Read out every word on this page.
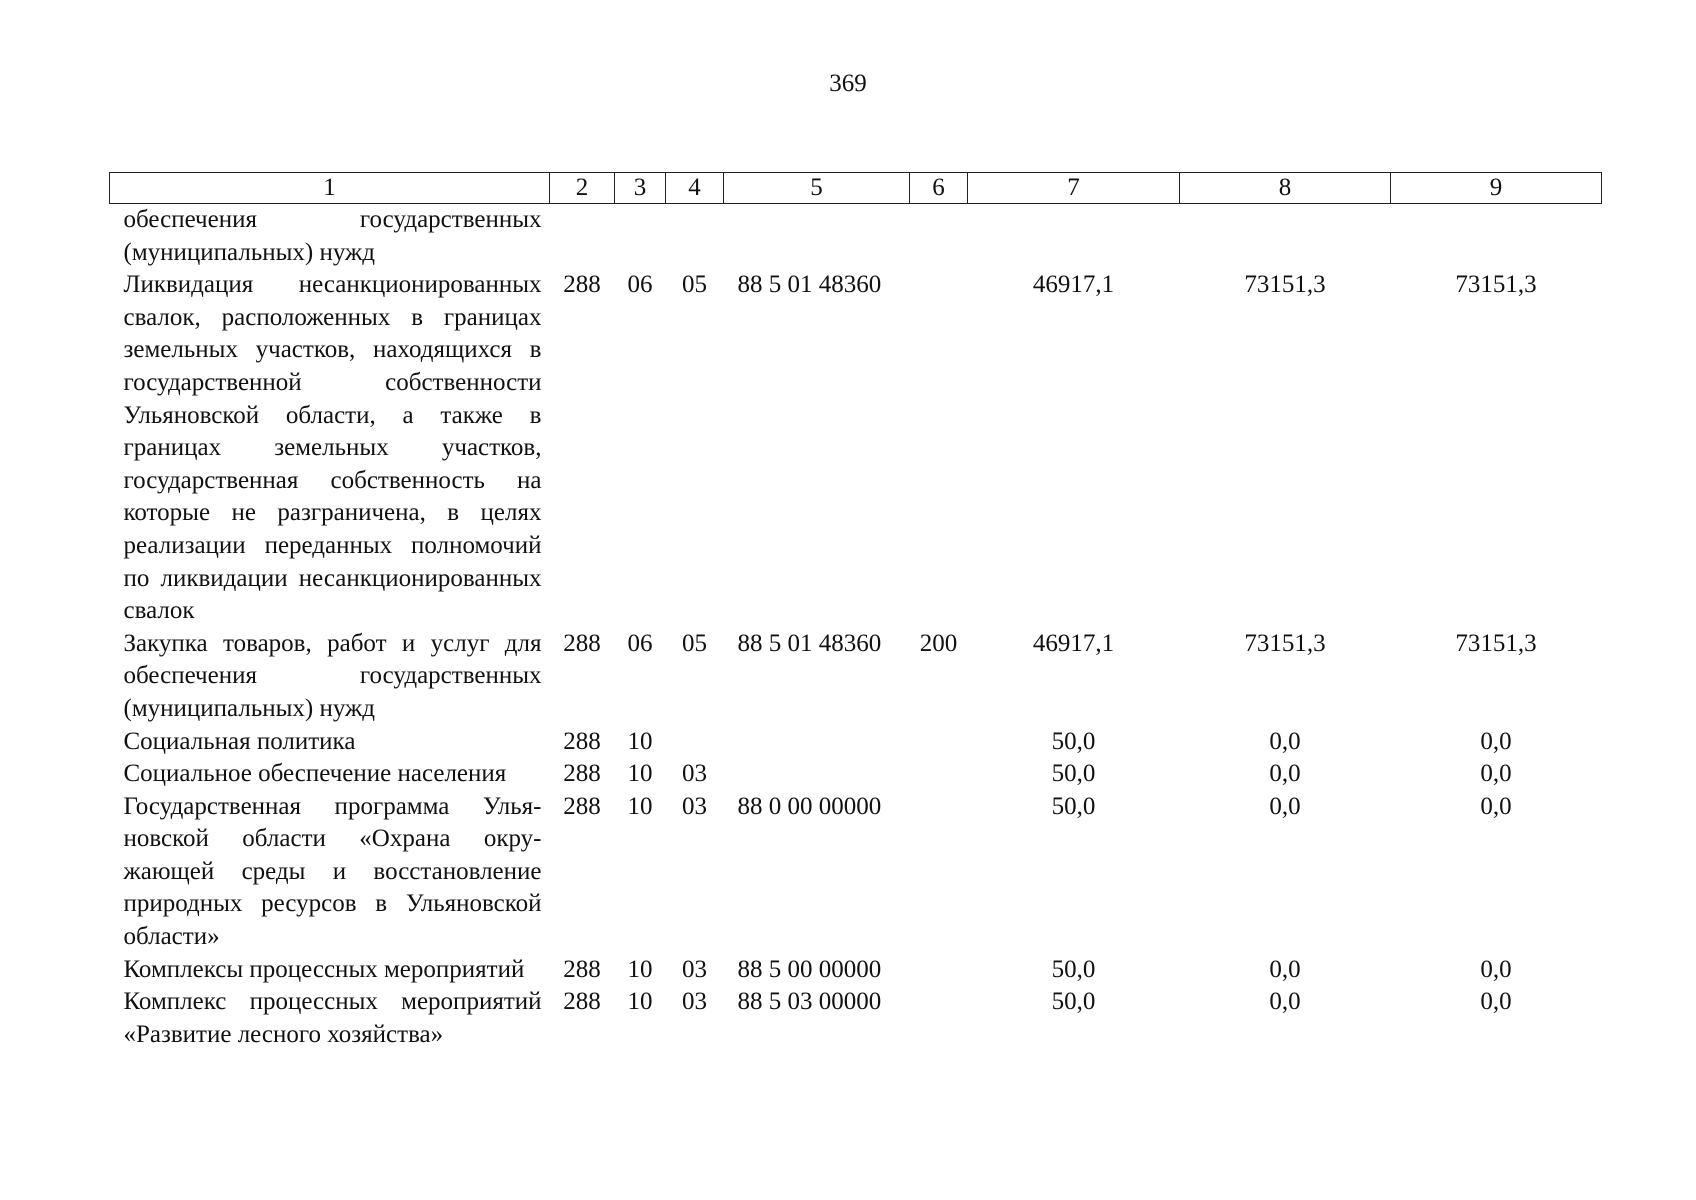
369
1	2	3	4	5	6	7	8	9
обеспечения государственных (муниципальных) нужд								
Ликвидация несанкционированных свалок, расположенных в границах земельных участков, находящихся в государственной собственности Ульяновской области, а также в границах земельных участков, государственная собственность на которые не разграничена, в целях реализации переданных полномочий по ликвидации несанкционированных свалок	288	06	05	88 5 01 48360		46917,1	73151,3	73151,3
Закупка товаров, работ и услуг для обеспечения государственных (муниципальных) нужд	288	06	05	88 5 01 48360	200	46917,1	73151,3	73151,3
Социальная политика	288	10				50,0	0,0	0,0
Социальное обеспечение населения	288	10	03			50,0	0,0	0,0
Государственная программа Ульяновской области «Охрана окружающей среды и восстановление природных ресурсов в Ульяновской области»	288	10	03	88 0 00 00000		50,0	0,0	0,0
Комплексы процессных мероприятий	288	10	03	88 5 00 00000		50,0	0,0	0,0
Комплекс процессных мероприятий «Развитие лесного хозяйства»	288	10	03	88 5 03 00000		50,0	0,0	0,0
